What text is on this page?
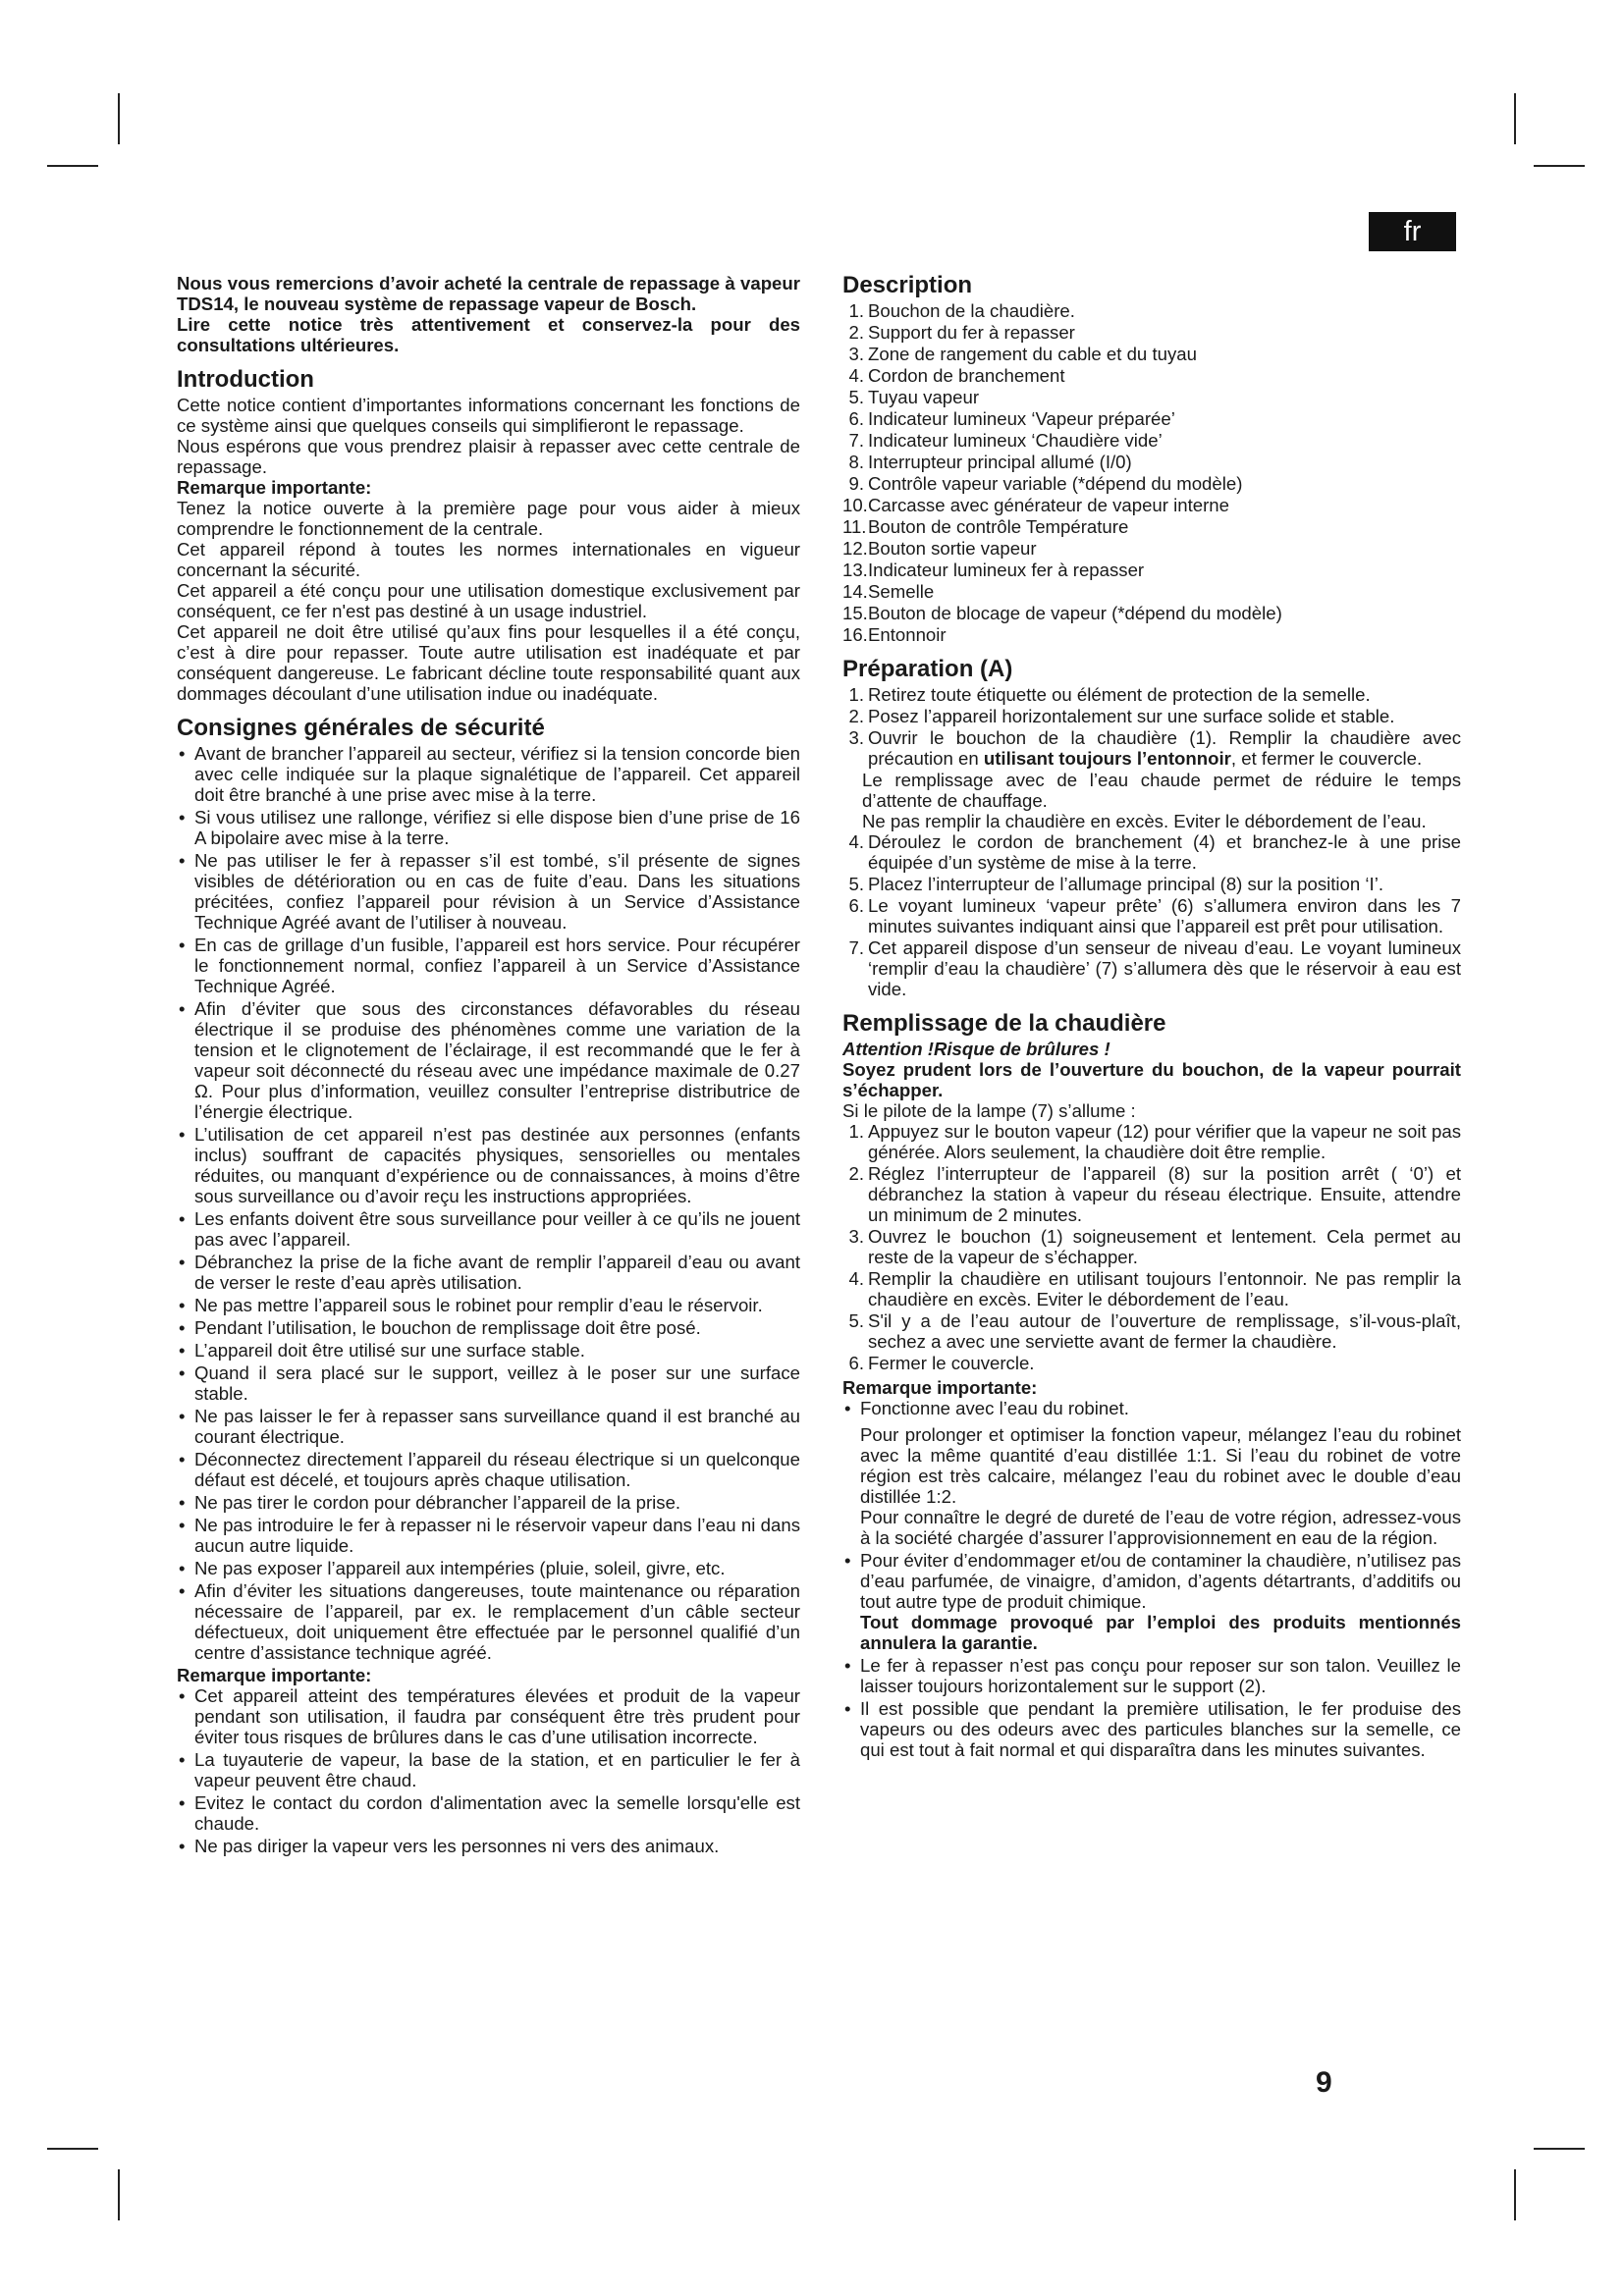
fr

Nous vous remercions d’avoir acheté la centrale de repassage à vapeur TDS14, le nouveau système de repassage vapeur de Bosch.

Lire cette notice très attentivement et conservez-la pour des consultations ultérieures.

Introduction

Cette notice contient d’importantes informations concernant les fonctions de ce système ainsi que quelques conseils qui simplifieront le repassage.

Nous espérons que vous prendrez plaisir à repasser avec cette centrale de repassage.

Remarque importante:

Tenez la notice ouverte à la première page pour vous aider à mieux comprendre le fonctionnement de la centrale.

Cet appareil répond à toutes les normes internationales en vigueur concernant la sécurité.

Cet appareil a été conçu pour une utilisation domestique exclusivement par conséquent, ce fer n'est pas destiné à un usage industriel.

Cet appareil ne doit être utilisé qu’aux fins pour lesquelles il a été conçu, c’est à dire pour repasser. Toute autre utilisation est inadéquate et par conséquent dangereuse. Le fabricant décline toute responsabilité quant aux dommages découlant d’une utilisation indue ou inadéquate.

Consignes générales de sécurité
• Avant de brancher l’appareil au secteur, vérifiez si la tension concorde bien avec celle indiquée sur la plaque signalétique de l’appareil. Cet appareil doit être branché à une prise avec mise à la terre.
• Si vous utilisez une rallonge, vérifiez si elle dispose bien d’une prise de 16 A bipolaire avec mise à la terre.
• Ne pas utiliser le fer à repasser s’il est tombé, s’il présente de signes visibles de détérioration ou en cas de fuite d’eau. Dans les situations précitées, confiez l’appareil pour révision à un Service d’Assistance Technique Agréé avant de l’utiliser à nouveau.
• En cas de grillage d’un fusible, l’appareil est hors service. Pour récupérer le fonctionnement normal, confiez l’appareil à un Service d’Assistance Technique Agréé.
• Afin d’éviter que sous des circonstances défavorables du réseau électrique il se produise des phénomènes comme une variation de la tension et le clignotement de l’éclairage, il est recommandé que le fer à vapeur soit déconnecté du réseau avec une impédance maximale de 0.27 Ω. Pour plus d’information, veuillez consulter l’entreprise distributrice de l’énergie électrique.
• L’utilisation de cet appareil n’est pas destinée aux personnes (enfants inclus) souffrant de capacités physiques, sensorielles ou mentales réduites, ou manquant d’expérience ou de connaissances, à moins d’être sous surveillance ou d’avoir reçu les instructions appropriées.
• Les enfants doivent être sous surveillance pour veiller à ce qu’ils ne jouent pas avec l’appareil.
• Débranchez la prise de la fiche avant de remplir l’appareil d’eau ou avant de verser le reste d’eau après utilisation.
• Ne pas mettre l’appareil sous le robinet pour remplir d’eau le réservoir.
• Pendant l’utilisation, le bouchon de remplissage doit être posé.
• L’appareil doit être utilisé sur une surface stable.
• Quand il sera placé sur le support, veillez à le poser sur une surface stable.
• Ne pas laisser le fer à repasser sans surveillance quand il est branché au courant électrique.
• Déconnectez directement l’appareil du réseau électrique si un quelconque défaut est décelé, et toujours après chaque utilisation.
• Ne pas tirer le cordon pour débrancher l’appareil de la prise.
• Ne pas introduire le fer à repasser ni le réservoir vapeur dans l’eau ni dans aucun autre liquide.
• Ne pas exposer l’appareil aux intempéries (pluie, soleil, givre, etc.
• Afin d’éviter les situations dangereuses, toute maintenance ou réparation nécessaire de l’appareil, par ex. le remplacement d’un câble secteur défectueux, doit uniquement être effectuée par le personnel qualifié d’un centre d’assistance technique agréé.

Remarque importante:

• Cet appareil atteint des températures élevées et produit de la vapeur pendant son utilisation, il faudra par conséquent être très prudent pour éviter tous risques de brûlures dans le cas d’une utilisation incorrecte.
• La tuyauterie de vapeur, la base de la station, et en particulier le fer à vapeur peuvent être chaud.
• Evitez le contact du cordon d'alimentation avec la semelle lorsqu'elle est chaude.
• Ne pas diriger la vapeur vers les personnes ni vers des animaux.
Description
1. Bouchon de la chaudière.
2. Support du fer à repasser
3. Zone de rangement du cable et du tuyau
4. Cordon de branchement
5. Tuyau vapeur
6. Indicateur lumineux ‘Vapeur préparée’
7. Indicateur lumineux ‘Chaudière vide’
8. Interrupteur principal allumé (I/0)
9. Contrôle vapeur variable (*dépend du modèle)
10. Carcasse avec générateur de vapeur interne
11. Bouton de contrôle Température
12. Bouton sortie vapeur
13. Indicateur lumineux fer à repasser
14. Semelle
15. Bouton de blocage de vapeur (*dépend du modèle)
16. Entonnoir
Préparation (A)
1. Retirez toute étiquette ou élément de protection de la semelle.
2. Posez l’appareil horizontalement sur une surface solide et stable.
3. Ouvrir le bouchon de la chaudière (1). Remplir la chaudière avec précaution en utilisant toujours l’entonnoir, et fermer le couvercle.

Le remplissage avec de l’eau chaude permet de réduire le temps d’attente de chauffage.

Ne pas remplir la chaudière en excès. Eviter le débordement de l’eau.

4. Déroulez le cordon de branchement (4) et branchez-le à une prise équipée d’un système de mise à la terre.
5. Placez l’interrupteur de l’allumage principal (8) sur la position ‘I’.
6. Le voyant lumineux ‘vapeur prête’ (6) s’allumera environ dans les 7 minutes suivantes indiquant ainsi que l’appareil est prêt pour utilisation.
7. Cet appareil dispose d’un senseur de niveau d’eau. Le voyant lumineux ‘remplir d’eau la chaudière’ (7) s’allumera dès que le réservoir à eau est vide.
Remplissage de la chaudière

Attention !Risque de brûlures !

Soyez prudent lors de l’ouverture du bouchon, de la vapeur pourrait s’échapper.

Si le pilote de la lampe (7) s’allume :

1. Appuyez sur le bouton vapeur (12) pour vérifier que la vapeur ne soit pas générée. Alors seulement, la chaudière doit être remplie.
2. Réglez l’interrupteur de l’appareil (8) sur la position arrêt ( ‘0’) et débranchez la station à vapeur du réseau électrique. Ensuite, attendre un minimum de 2 minutes.
3. Ouvrez le bouchon (1) soigneusement et lentement. Cela permet au reste de la vapeur de s’échapper.
4. Remplir la chaudière en utilisant toujours l’entonnoir. Ne pas remplir la chaudière en excès. Eviter le débordement de l’eau.
5. S'il y a de l’eau autour de l’ouverture de remplissage, s’il-vous-plaît, sechez a avec une serviette avant de fermer la chaudière.
6. Fermer le couvercle.

Remarque importante:

• Fonctionne avec l’eau du robinet.

Pour prolonger et optimiser la fonction vapeur, mélangez l’eau du robinet avec la même quantité d’eau distillée 1:1. Si l’eau du robinet de votre région est très calcaire, mélangez l’eau du robinet avec le double d’eau distillée 1:2.

Pour connaître le degré de dureté de l’eau de votre région, adressez-vous à la société chargée d’assurer l’approvisionnement en eau de la région.

• Pour éviter d’endommager et/ou de contaminer la chaudière, n’utilisez pas d’eau parfumée, de vinaigre, d’amidon, d’agents détartrants, d’additifs ou tout autre type de produit chimique.

Tout dommage provoqué par l’emploi des produits mentionnés annulera la garantie.

• Le fer à repasser n’est pas conçu pour reposer sur son talon. Veuillez le laisser toujours horizontalement sur le support (2).
• Il est possible que pendant la première utilisation, le fer produise des vapeurs ou des odeurs avec des particules blanches sur la semelle, ce qui est tout à fait normal et qui disparaîtra dans les minutes suivantes.
9
